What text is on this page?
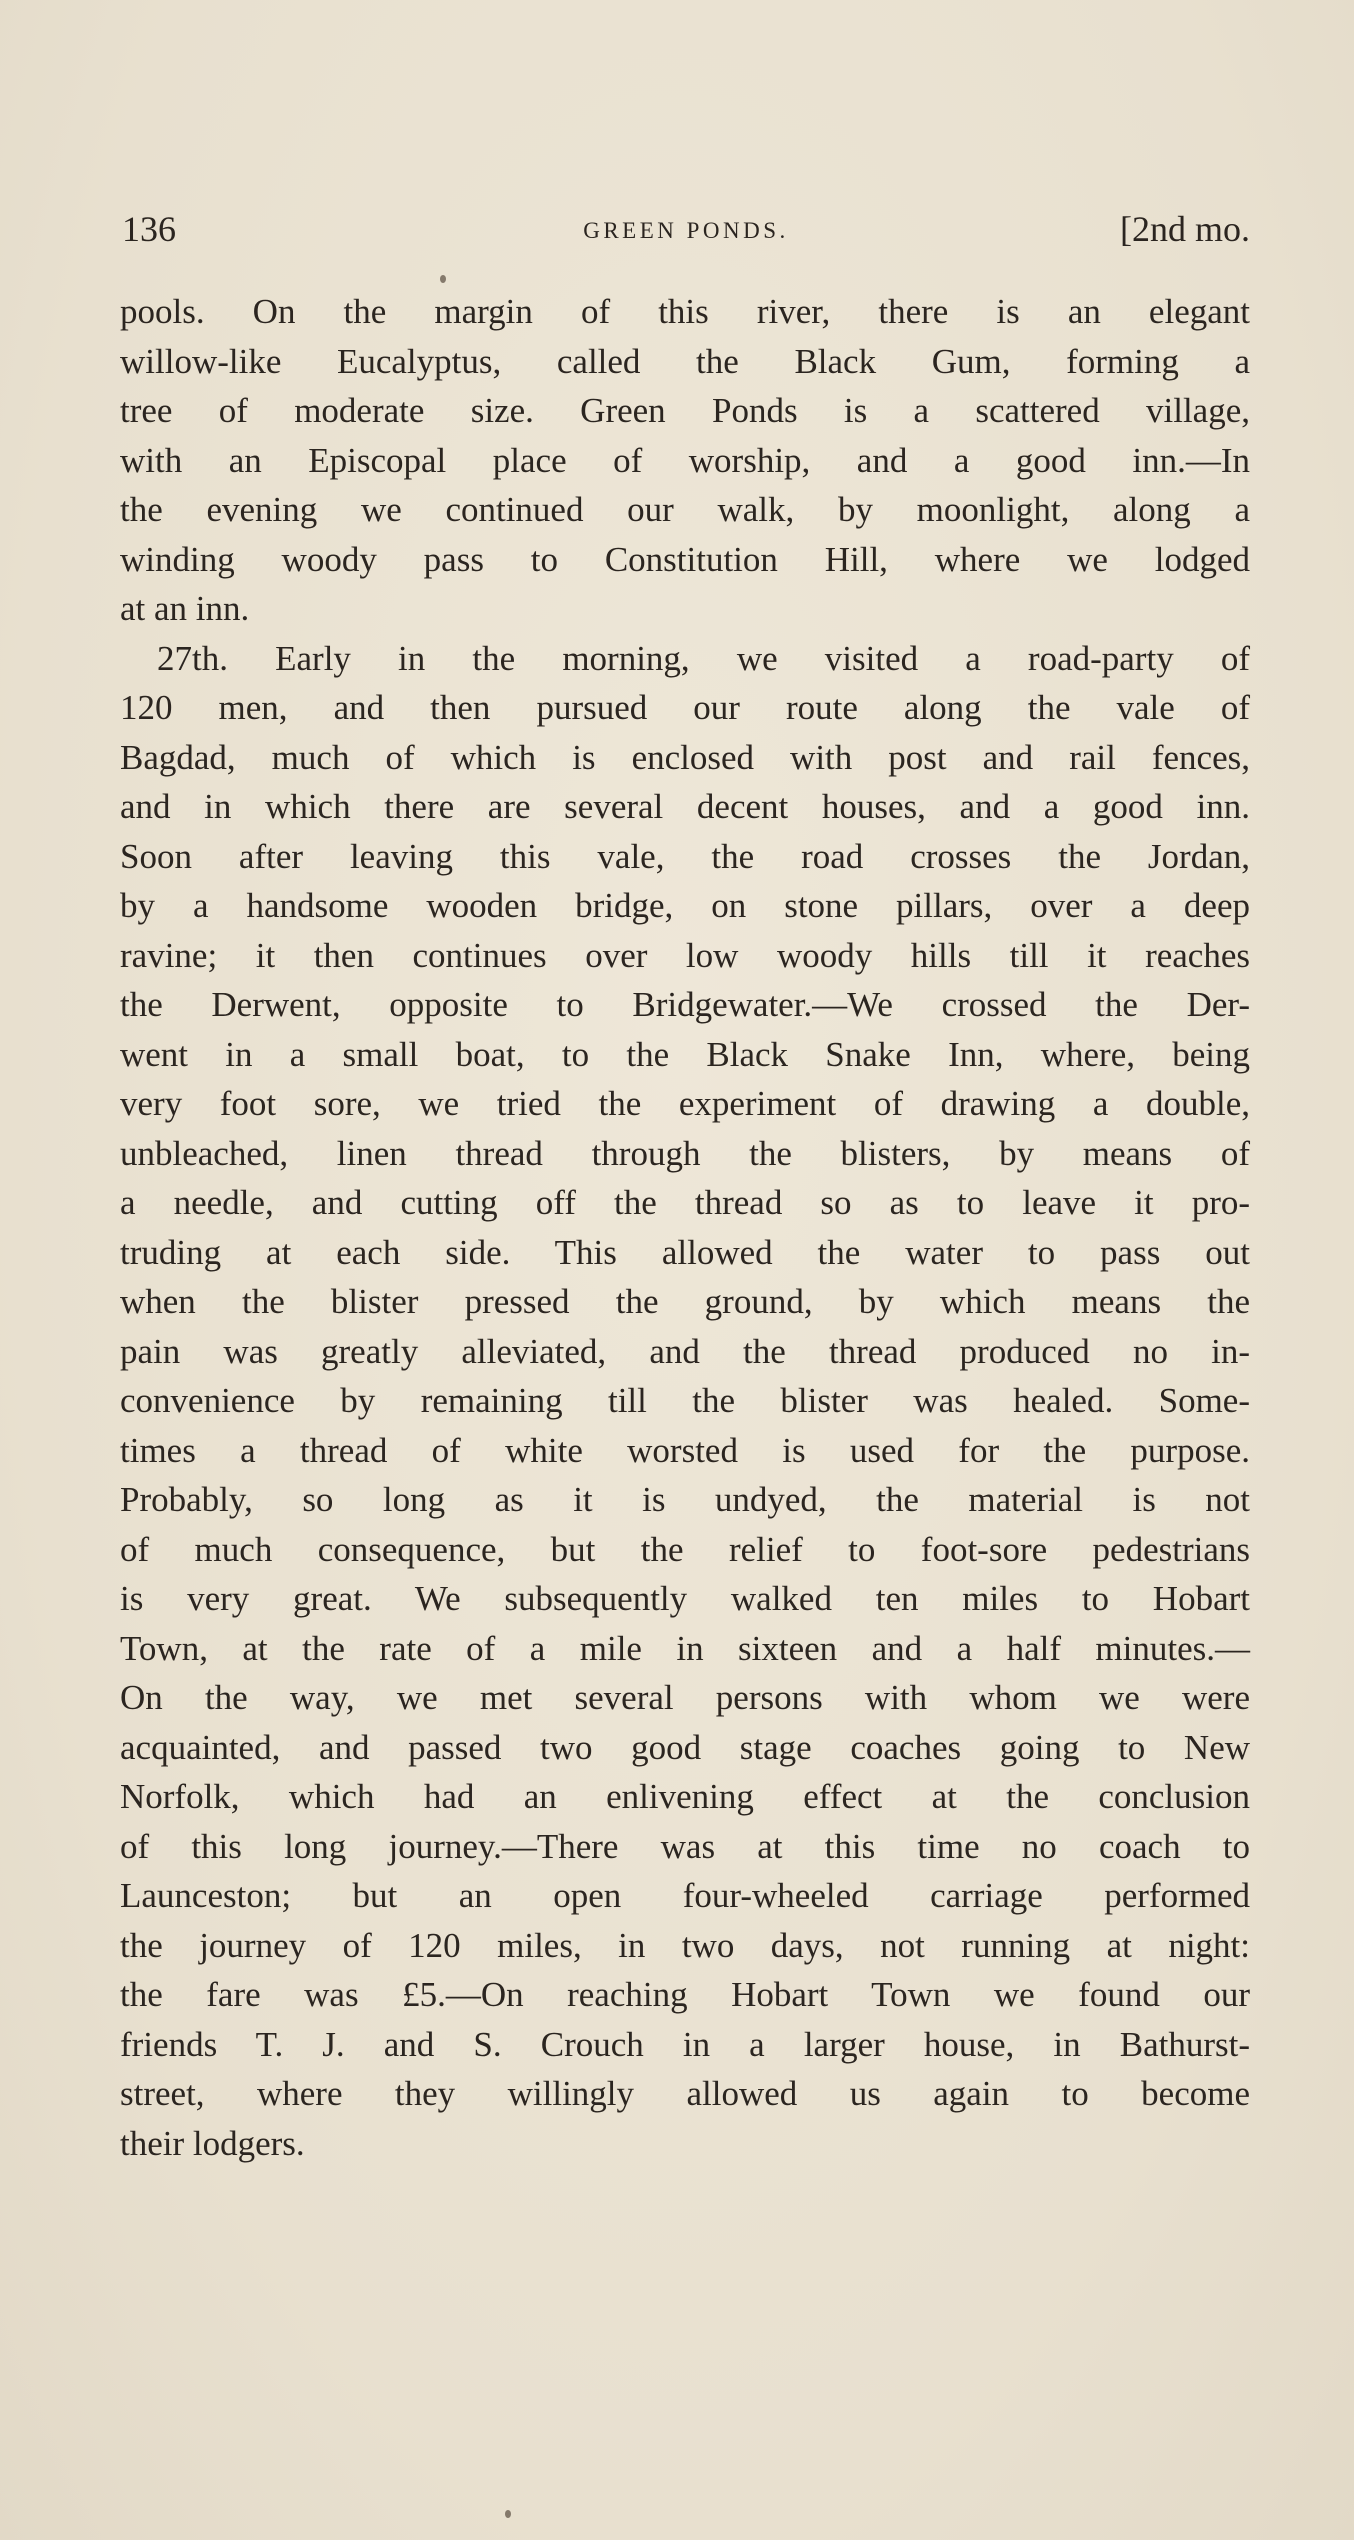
136	GREEN PONDS.	[2nd mo.
pools. On the margin of this river, there is an elegant
willow-like Eucalyptus, called the Black Gum, forming a
tree of moderate size. Green Ponds is a scattered village,
with an Episcopal place of worship, and a good inn.—In
the evening we continued our walk, by moonlight, along a
winding woody pass to Constitution Hill, where we lodged
at an inn.
27th. Early in the morning, we visited a road-party of
120 men, and then pursued our route along the vale of
Bagdad, much of which is enclosed with post and rail fences,
and in which there are several decent houses, and a good inn.
Soon after leaving this vale, the road crosses the Jordan,
by a handsome wooden bridge, on stone pillars, over a deep
ravine; it then continues over low woody hills till it reaches
the Derwent, opposite to Bridgewater.—We crossed the Der-
went in a small boat, to the Black Snake Inn, where, being
very foot sore, we tried the experiment of drawing a double,
unbleached, linen thread through the blisters, by means of
a needle, and cutting off the thread so as to leave it pro-
truding at each side. This allowed the water to pass out
when the blister pressed the ground, by which means the
pain was greatly alleviated, and the thread produced no in-
convenience by remaining till the blister was healed. Some-
times a thread of white worsted is used for the purpose.
Probably, so long as it is undyed, the material is not
of much consequence, but the relief to foot-sore pedestrians
is very great. We subsequently walked ten miles to Hobart
Town, at the rate of a mile in sixteen and a half minutes.—
On the way, we met several persons with whom we were
acquainted, and passed two good stage coaches going to New
Norfolk, which had an enlivening effect at the conclusion
of this long journey.—There was at this time no coach to
Launceston; but an open four-wheeled carriage performed
the journey of 120 miles, in two days, not running at night:
the fare was £5.—On reaching Hobart Town we found our
friends T. J. and S. Crouch in a larger house, in Bathurst-
street, where they willingly allowed us again to become
their lodgers.
